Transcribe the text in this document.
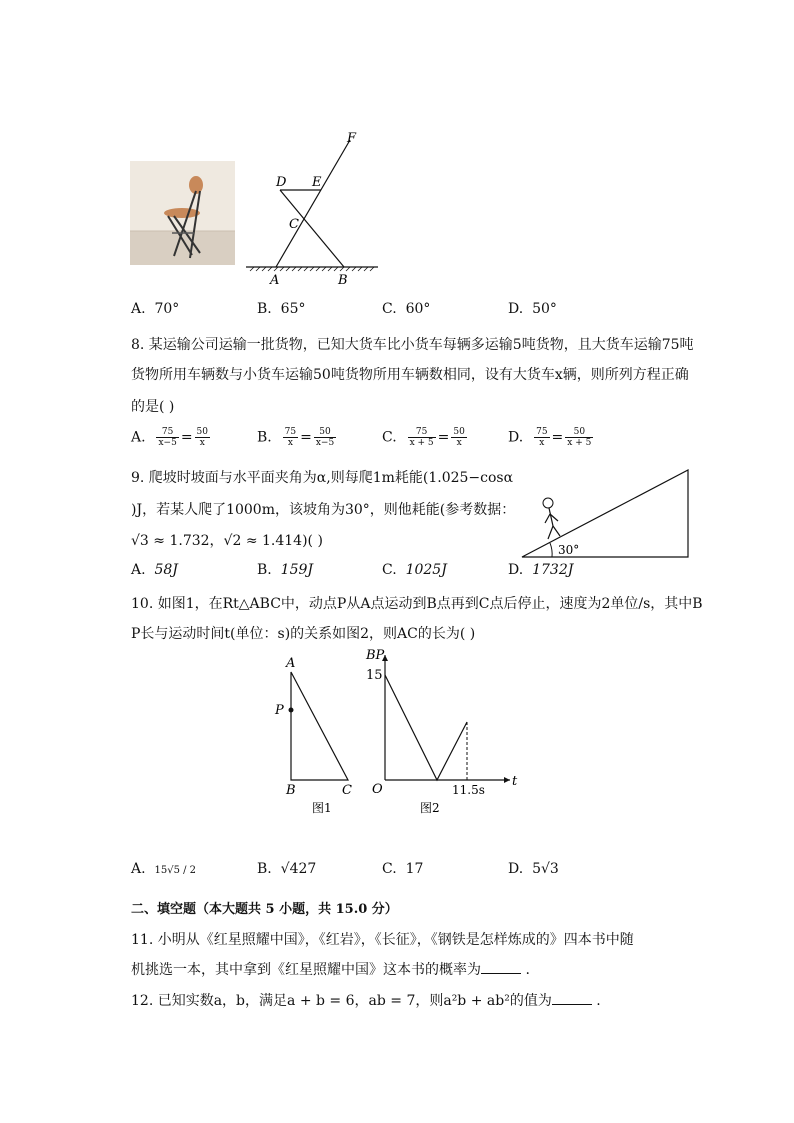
F
D E
C
A	B
A. 70°	B. 65°	C. 60°	D. 50°
8. 某运输公司运输一批货物，已知大货车比小货车每辆多运输5吨货物，且大货车运输75吨
货物所用车辆数与小货车运输50吨货物所用车辆数相同，设有大货车x辆，则所列方程正确
的是( )
A. $\frac{75}{x-5} = \frac{50}{x}$	B. $\frac{75}{x} = \frac{50}{x-5}$	C. $\frac{75}{x + 5} = \frac{50}{x}$	D. $\frac{75}{x} = \frac{50}{x + 5}$
9. 爬坡时坡面与水平面夹角为α,则每爬1m耗能(1.025−cosα
)J，若某人爬了1000m，该坡角为30°，则他耗能(参考数据：
√3 ≈ 1.732，√2 ≈ 1.414)( )
30°
A. 58J	B. 159J	C. 1025J	D. 1732J
10. 如图1，在Rt△ABC中，动点P从A点运动到B点再到C点后停止，速度为2单位/s，其中B
P长与运动时间t(单位：s)的关系如图2，则AC的长为( )
A
P
B	C
图1
BP
15
O	11.5s
t
图2
A. 15√5 / 2	B. √427	C. 17	D. 5√3
二、填空题（本大题共 5 小题，共 15.0 分）
11. 小明从《红星照耀中国》，《红岩》，《长征》，《钢铁是怎样炼成的》四本书中随
机挑选一本，其中拿到《红星照耀中国》这本书的概率为	.
12. 已知实数a，b，满足a + b = 6，ab = 7，则a²b + ab²的值为	.
